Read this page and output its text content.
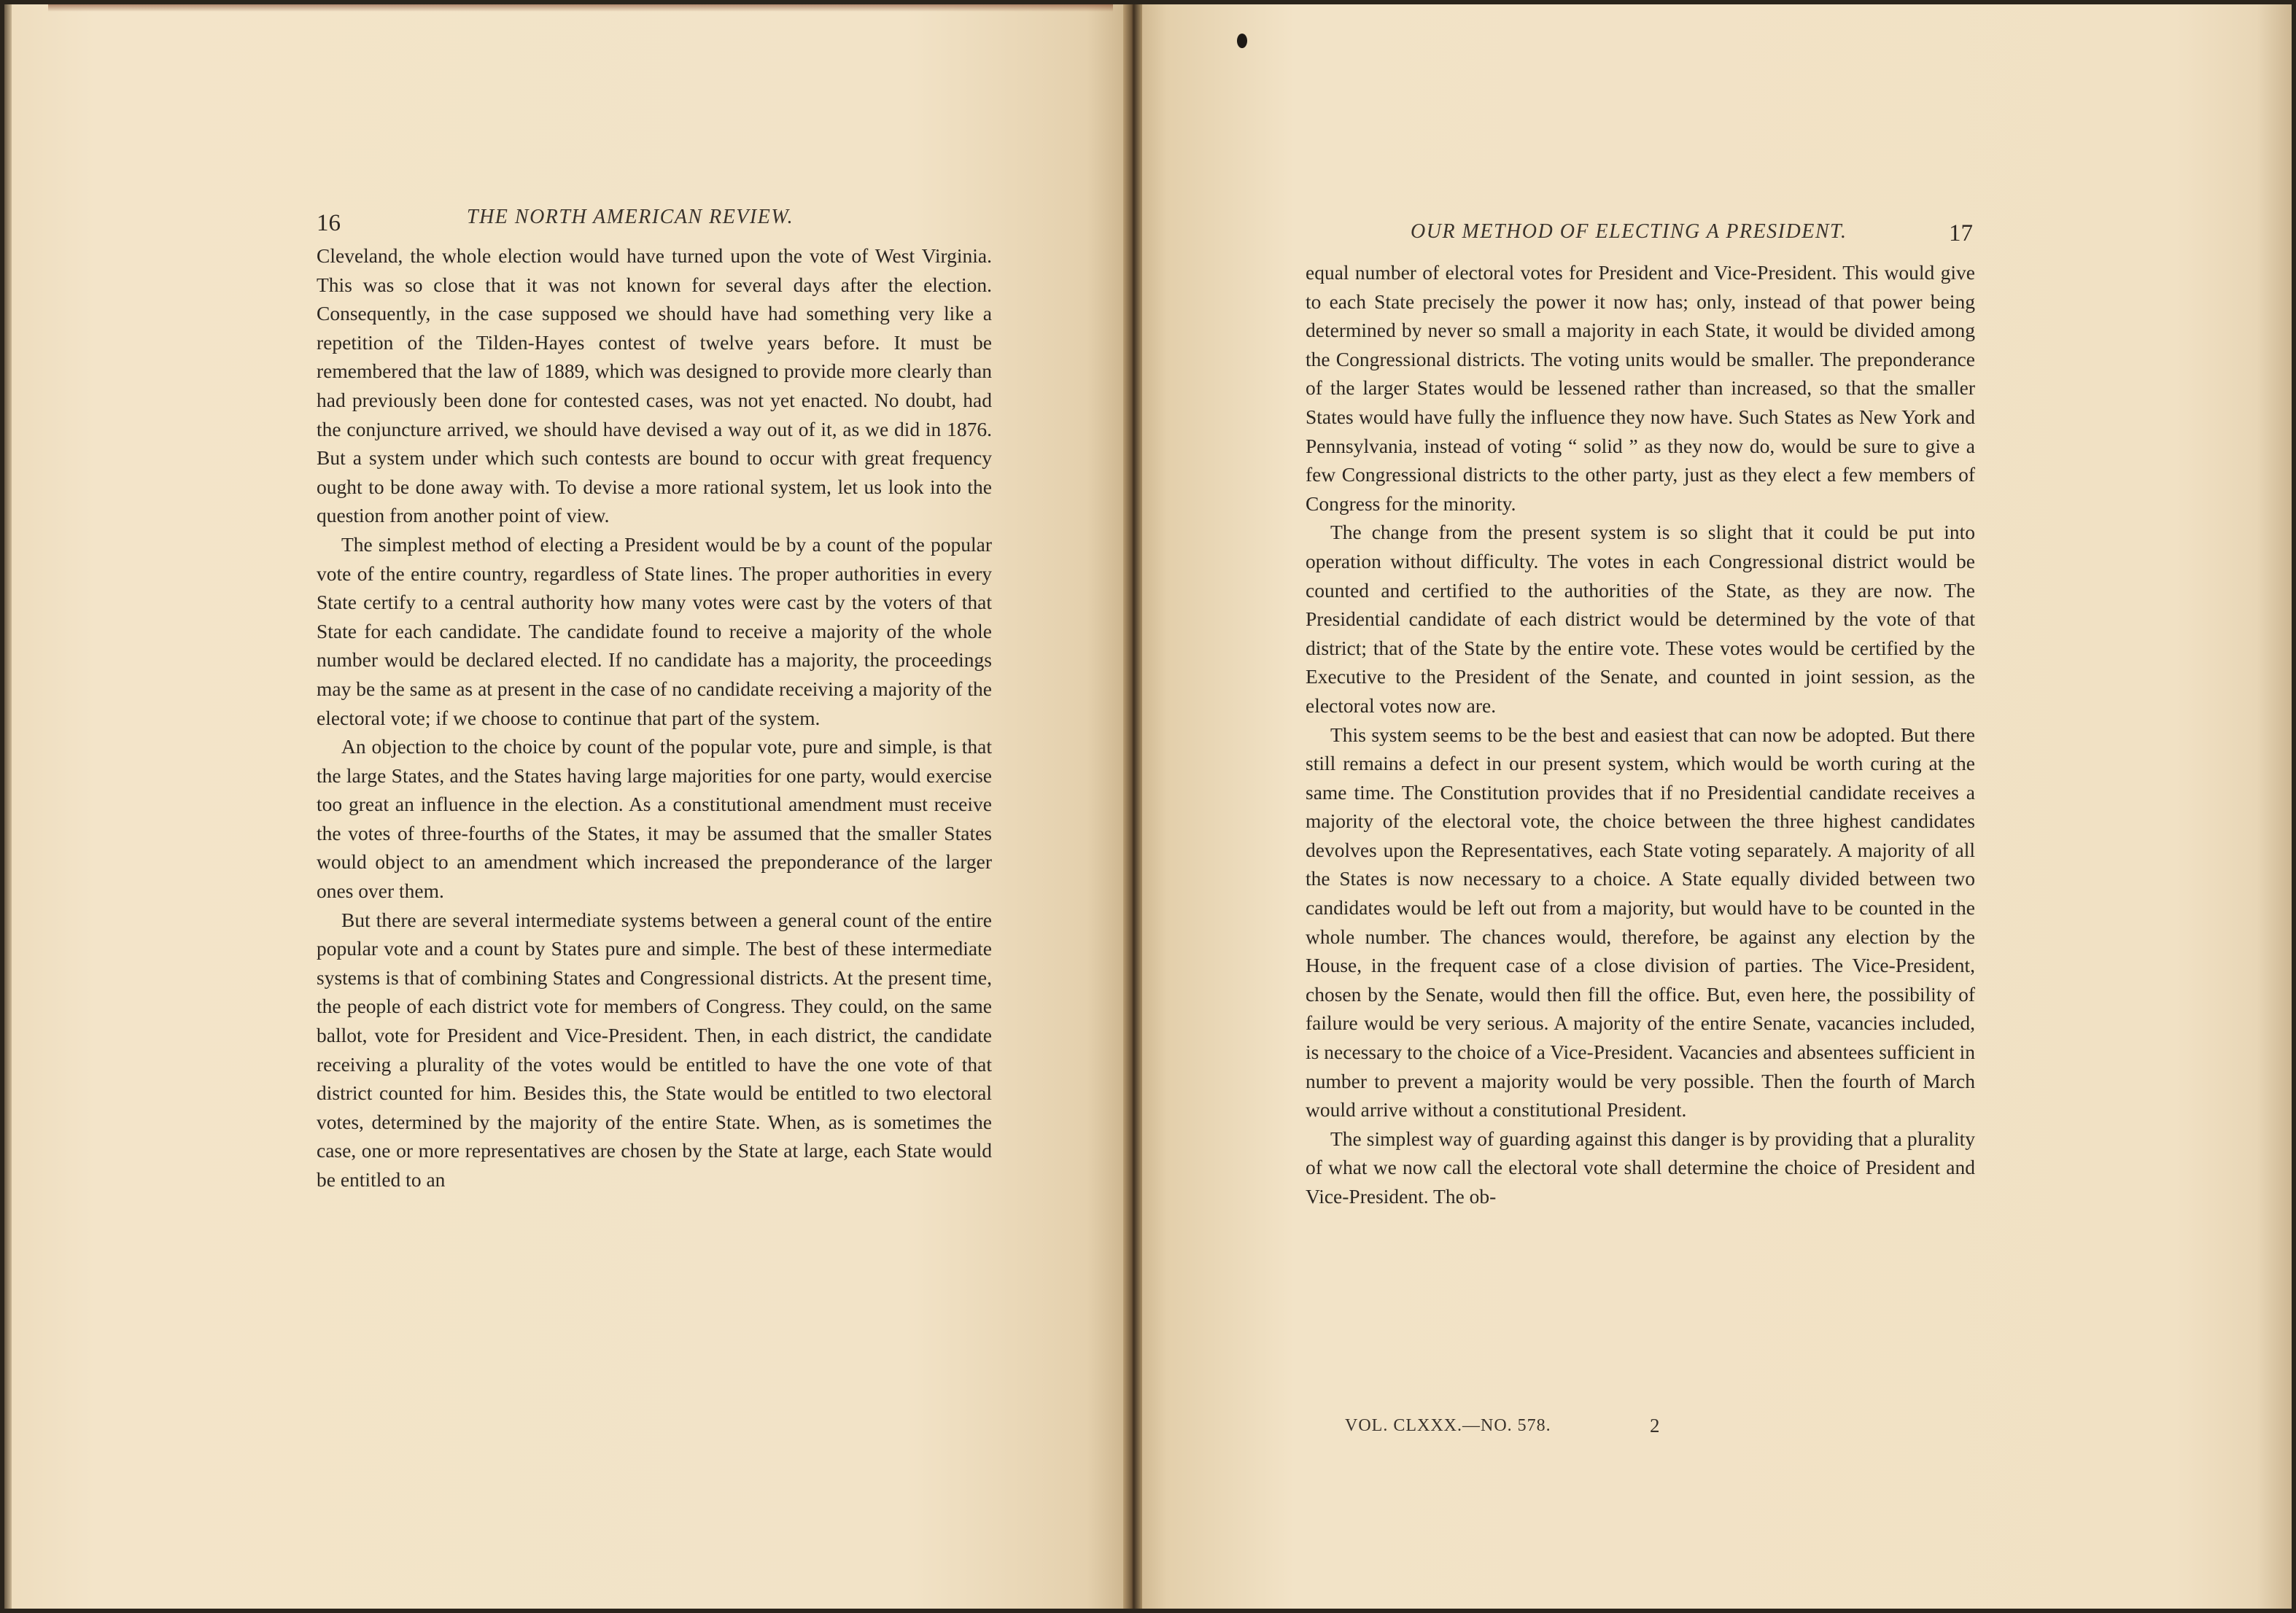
16	THE NORTH AMERICAN REVIEW.

Cleveland, the whole election would have turned upon the vote of West Virginia. This was so close that it was not known for several days after the election. Consequently, in the case supposed we should have had something very like a repetition of the Tilden-Hayes contest of twelve years before. It must be remembered that the law of 1889, which was designed to provide more clearly than had previously been done for contested cases, was not yet enacted. No doubt, had the conjuncture arrived, we should have devised a way out of it, as we did in 1876. But a system under which such contests are bound to occur with great frequency ought to be done away with. To devise a more rational system, let us look into the question from another point of view.

The simplest method of electing a President would be by a count of the popular vote of the entire country, regardless of State lines. The proper authorities in every State certify to a central authority how many votes were cast by the voters of that State for each candidate. The candidate found to receive a majority of the whole number would be declared elected. If no candidate has a majority, the proceedings may be the same as at present in the case of no candidate receiving a majority of the electoral vote; if we choose to continue that part of the system.

An objection to the choice by count of the popular vote, pure and simple, is that the large States, and the States having large majorities for one party, would exercise too great an influence in the election. As a constitutional amendment must receive the votes of three-fourths of the States, it may be assumed that the smaller States would object to an amendment which increased the preponderance of the larger ones over them.

But there are several intermediate systems between a general count of the entire popular vote and a count by States pure and simple. The best of these intermediate systems is that of combining States and Congressional districts. At the present time, the people of each district vote for members of Congress. They could, on the same ballot, vote for President and Vice-President. Then, in each district, the candidate receiving a plurality of the votes would be entitled to have the one vote of that district counted for him. Besides this, the State would be entitled to two electoral votes, determined by the majority of the entire State. When, as is sometimes the case, one or more representatives are chosen by the State at large, each State would be entitled to an

OUR METHOD OF ELECTING A PRESIDENT.	17

equal number of electoral votes for President and Vice-President. This would give to each State precisely the power it now has; only, instead of that power being determined by never so small a majority in each State, it would be divided among the Congressional districts. The voting units would be smaller. The preponderance of the larger States would be lessened rather than increased, so that the smaller States would have fully the influence they now have. Such States as New York and Pennsylvania, instead of voting “ solid ” as they now do, would be sure to give a few Congressional districts to the other party, just as they elect a few members of Congress for the minority.

The change from the present system is so slight that it could be put into operation without difficulty. The votes in each Congressional district would be counted and certified to the authorities of the State, as they are now. The Presidential candidate of each district would be determined by the vote of that district; that of the State by the entire vote. These votes would be certified by the Executive to the President of the Senate, and counted in joint session, as the electoral votes now are.

This system seems to be the best and easiest that can now be adopted. But there still remains a defect in our present system, which would be worth curing at the same time. The Constitution provides that if no Presidential candidate receives a majority of the electoral vote, the choice between the three highest candidates devolves upon the Representatives, each State voting separately. A majority of all the States is now necessary to a choice. A State equally divided between two candidates would be left out from a majority, but would have to be counted in the whole number. The chances would, therefore, be against any election by the House, in the frequent case of a close division of parties. The Vice-President, chosen by the Senate, would then fill the office. But, even here, the possibility of failure would be very serious. A majority of the entire Senate, vacancies included, is necessary to the choice of a Vice-President. Vacancies and absentees sufficient in number to prevent a majority would be very possible. Then the fourth of March would arrive without a constitutional President.

The simplest way of guarding against this danger is by providing that a plurality of what we now call the electoral vote shall determine the choice of President and Vice-President. The ob-

VOL. CLXXX.—NO. 578.	2
